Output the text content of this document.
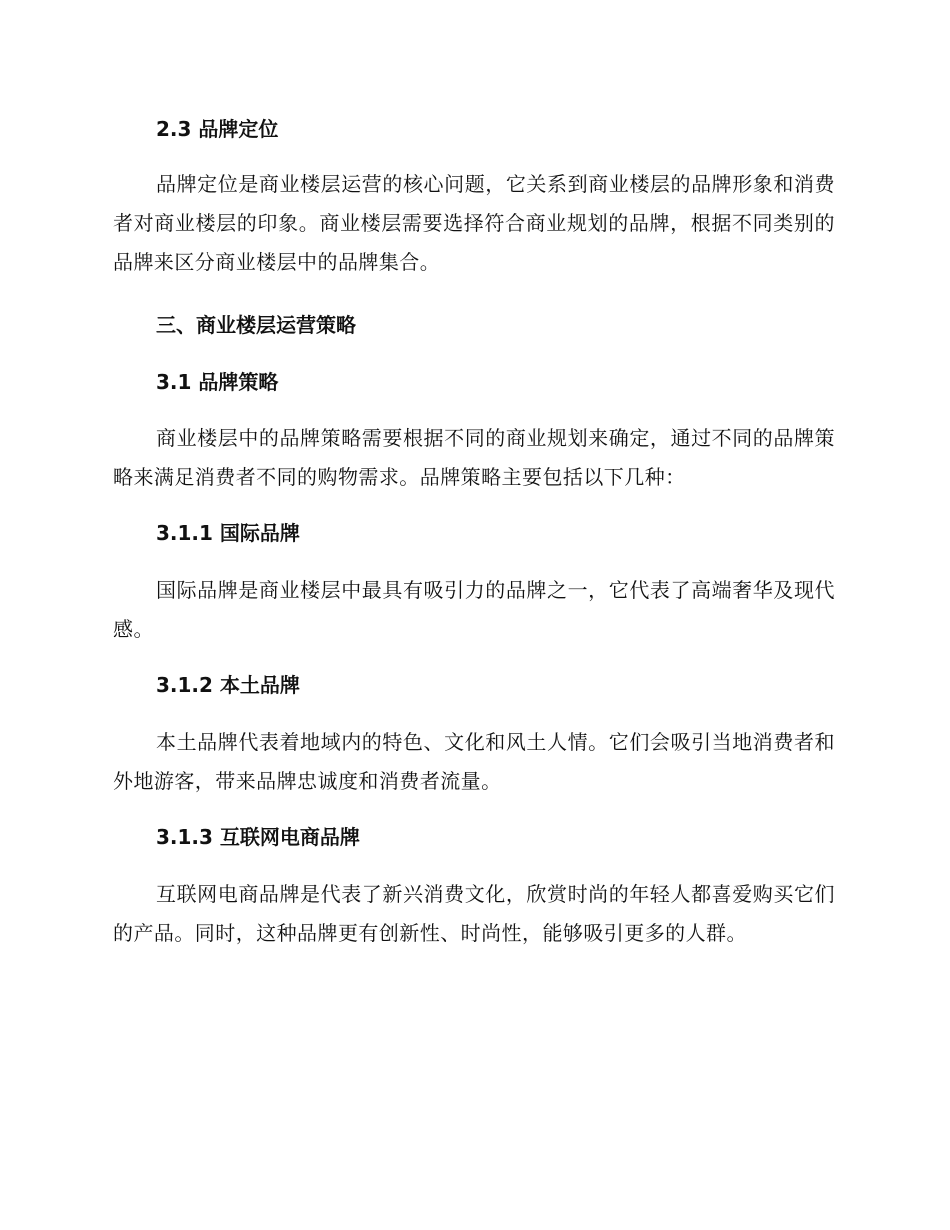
2.3 品牌定位

品牌定位是商业楼层运营的核心问题，它关系到商业楼层的品牌形象和消费者对商业楼层的印象。商业楼层需要选择符合商业规划的品牌，根据不同类别的品牌来区分商业楼层中的品牌集合。

三、商业楼层运营策略
3.1 品牌策略

商业楼层中的品牌策略需要根据不同的商业规划来确定，通过不同的品牌策略来满足消费者不同的购物需求。品牌策略主要包括以下几种：

3.1.1 国际品牌

国际品牌是商业楼层中最具有吸引力的品牌之一，它代表了高端奢华及现代感。

3.1.2 本土品牌

本土品牌代表着地域内的特色、文化和风土人情。它们会吸引当地消费者和外地游客，带来品牌忠诚度和消费者流量。

3.1.3 互联网电商品牌

互联网电商品牌是代表了新兴消费文化，欣赏时尚的年轻人都喜爱购买它们的产品。同时，这种品牌更有创新性、时尚性，能够吸引更多的人群。
